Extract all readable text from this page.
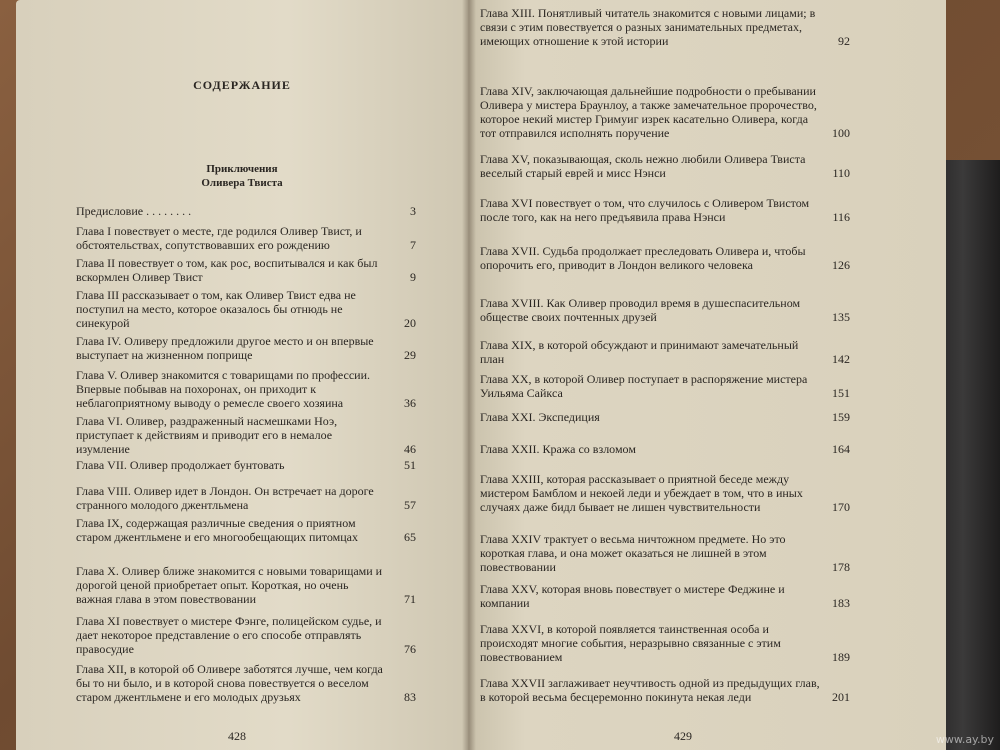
СОДЕРЖАНИЕ
Приключения
Оливера Твиста
Предисловие . . . . . . . .	3
Глава I повествует о месте, где родился Оливер Твист, и обстоятельствах, сопутствовавших его рождению	7
Глава II повествует о том, как рос, воспитывался и как был вскормлен Оливер Твист	9
Глава III рассказывает о том, как Оливер Твист едва не поступил на место, которое оказалось бы отнюдь не синекурой	20
Глава IV. Оливеру предложили другое место и он впервые выступает на жизненном поприще	29
Глава V. Оливер знакомится с товарищами по профессии. Впервые побывав на похоронах, он приходит к неблагоприятному выводу о ремесле своего хозяина	36
Глава VI. Оливер, раздраженный насмешками Ноэ, приступает к действиям и приводит его в немалое изумление	46
Глава VII. Оливер продолжает бунтовать	51
Глава VIII. Оливер идет в Лондон. Он встречает на дороге странного молодого джентльмена	57
Глава IX, содержащая различные сведения о приятном старом джентльмене и его многообещающих питомцах	65
Глава X. Оливер ближе знакомится с новыми товарищами и дорогой ценой приобретает опыт. Короткая, но очень важная глава в этом повествовании	71
Глава XI повествует о мистере Фэнге, полицейском судье, и дает некоторое представление о его способе отправлять правосудие	76
Глава XII, в которой об Оливере заботятся лучше, чем когда бы то ни было, и в которой снова повествуется о веселом старом джентльмене и его молодых друзьях	83
428
Глава XIII. Понятливый читатель знакомится с новыми лицами; в связи с этим повествуется о разных занимательных предметах, имеющих отношение к этой истории	92
Глава XIV, заключающая дальнейшие подробности о пребывании Оливера у мистера Браунлоу, а также замечательное пророчество, которое некий мистер Гримуиг изрек касательно Оливера, когда тот отправился исполнять поручение	100
Глава XV, показывающая, сколь нежно любили Оливера Твиста веселый старый еврей и мисс Нэнси	110
Глава XVI повествует о том, что случилось с Оливером Твистом после того, как на него предъявила права Нэнси	116
Глава XVII. Судьба продолжает преследовать Оливера и, чтобы опорочить его, приводит в Лондон великого человека	126
Глава XVIII. Как Оливер проводил время в душеспасительном обществе своих почтенных друзей	135
Глава XIX, в которой обсуждают и принимают замечательный план	142
Глава XX, в которой Оливер поступает в распоряжение мистера Уильяма Сайкса	151
Глава XXI. Экспедиция	159
Глава XXII. Кража со взломом	164
Глава XXIII, которая рассказывает о приятной беседе между мистером Бамблом и некоей леди и убеждает в том, что в иных случаях даже бидл бывает не лишен чувствительности	170
Глава XXIV трактует о весьма ничтожном предмете. Но это короткая глава, и она может оказаться не лишней в этом повествовании	178
Глава XXV, которая вновь повествует о мистере Феджине и компании	183
Глава XXVI, в которой появляется таинственная особа и происходят многие события, неразрывно связанные с этим повествованием	189
Глава XXVII заглаживает неучтивость одной из предыдущих глав, в которой весьма бесцеремонно покинута некая леди	201
429	www.ay.by
